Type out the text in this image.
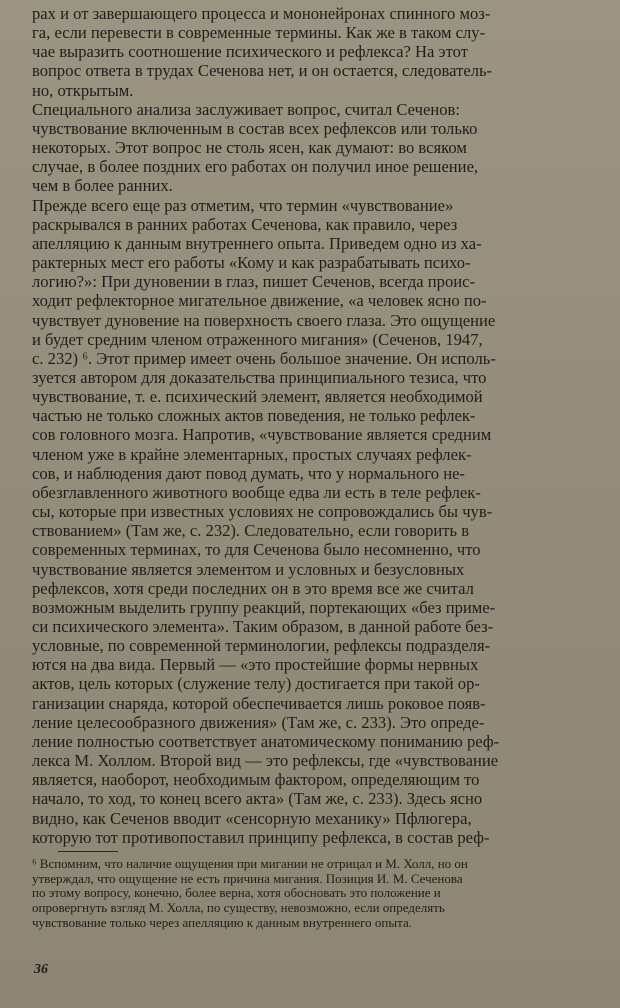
рах и от завершающего процесса и мононейронах спинного моз-
га, если перевести в современные термины. Как же в таком слу-
чае выразить соотношение психического и рефлекса? На этот
вопрос ответа в трудах Сеченова нет, и он остается, следователь-
но, открытым.

Специального анализа заслуживает вопрос, считал Сеченов:
чувствование включенным в состав всех рефлексов или только
некоторых. Этот вопрос не столь ясен, как думают: во всяком
случае, в более поздних его работах он получил иное решение,
чем в более ранних.

Прежде всего еще раз отметим, что термин «чувствование»
раскрывался в ранних работах Сеченова, как правило, через
апелляцию к данным внутреннего опыта. Приведем одно из ха-
рактерных мест его работы «Кому и как разрабатывать психо-
логию?»: При дуновении в глаз, пишет Сеченов, всегда проис-
ходит рефлекторное мигательное движение, «а человек ясно по-
чувствует дуновение на поверхность своего глаза. Это ощущение
и будет средним членом отраженного мигания» (Сеченов, 1947,
с. 232) ⁶. Этот пример имеет очень большое значение. Он исполь-
зуется автором для доказательства принципиального тезиса, что
чувствование, т. е. психический элемент, является необходимой
частью не только сложных актов поведения, не только рефлек-
сов головного мозга. Напротив, «чувствование является средним
членом уже в крайне элементарных, простых случаях рефлек-
сов, и наблюдения дают повод думать, что у нормального не-
обезглавленного животного вообще едва ли есть в теле рефлек-
сы, которые при известных условиях не сопровождались бы чув-
ствованием» (Там же, с. 232). Следовательно, если говорить в
современных терминах, то для Сеченова было несомненно, что
чувствование является элементом и условных и безусловных
рефлексов, хотя среди последних он в это время все же считал
возможным выделить группу реакций, портекающих «без приме-
си психического элемента». Таким образом, в данной работе без-
условные, по современной терминологии, рефлексы подразделя-
ются на два вида. Первый — «это простейшие формы нервных
актов, цель которых (служение телу) достигается при такой ор-
ганизации снаряда, которой обеспечивается лишь роковое появ-
ление целесообразного движения» (Там же, с. 233). Это опреде-
ление полностью соответствует анатомическому пониманию реф-
лекса М. Холлом. Второй вид — это рефлексы, где «чувствование
является, наоборот, необходимым фактором, определяющим то
начало, то ход, то конец всего акта» (Там же, с. 233). Здесь ясно
видно, как Сеченов вводит «сенсорную механику» Пфлюгера,
которую тот противопоставил принципу рефлекса, в состав реф-

⁶ Вспомним, что наличие ощущения при мигании не отрицал и М. Холл, но он
утверждал, что ощущение не есть причина мигания. Позиция И. М. Сеченова
по этому вопросу, конечно, более верна, хотя обосновать это положение и
опровергнуть взгляд М. Холла, по существу, невозможно, если определять
чувствование только через апелляцию к данным внутреннего опыта.
36
